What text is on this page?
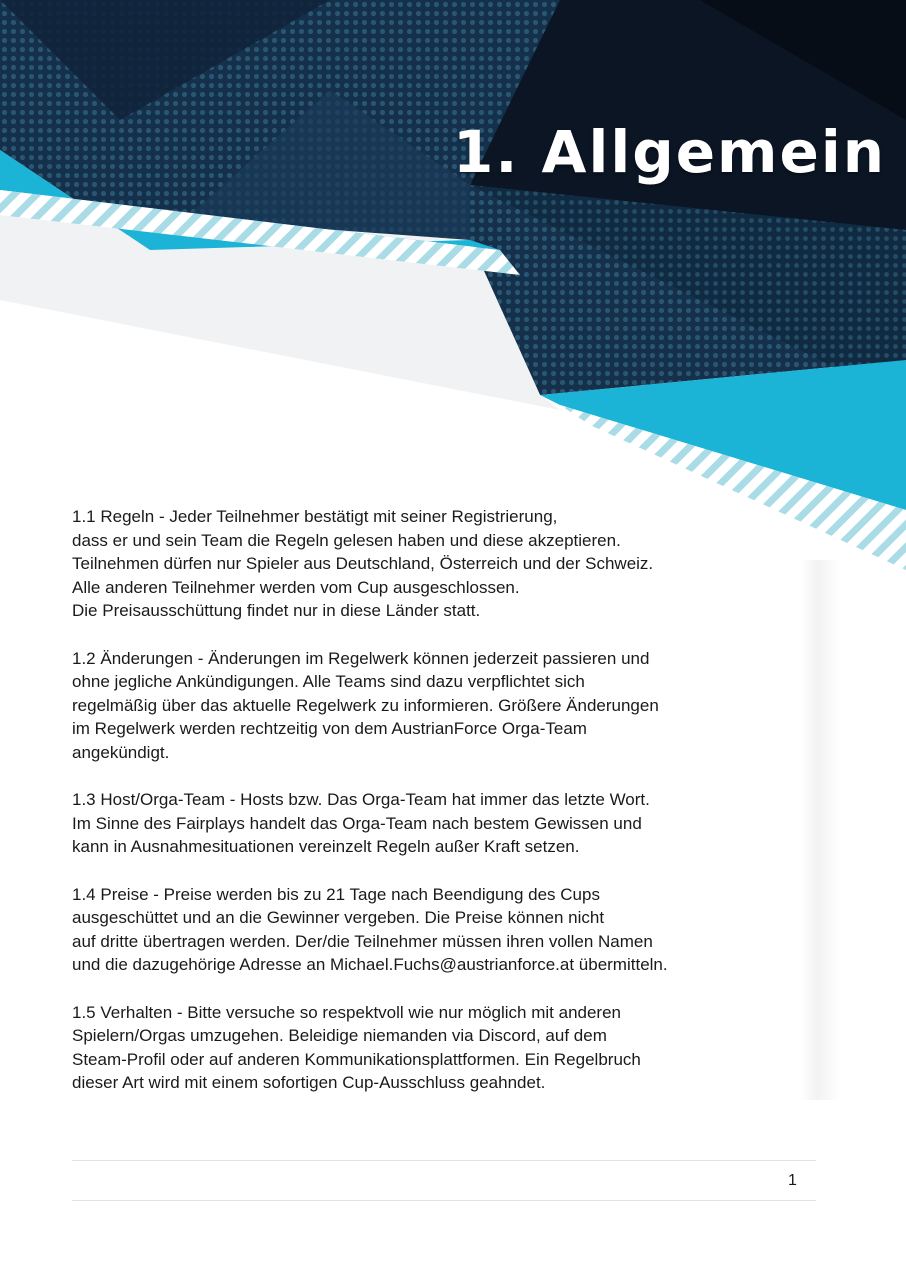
1. Allgemein

1.1 Regeln - Jeder Teilnehmer bestätigt mit seiner Registrierung,
dass er und sein Team die Regeln gelesen haben und diese akzeptieren.
Teilnehmen dürfen nur Spieler aus Deutschland, Österreich und der Schweiz.
Alle anderen Teilnehmer werden vom Cup ausgeschlossen.
Die Preisausschüttung findet nur in diese Länder statt.

1.2 Änderungen - Änderungen im Regelwerk können jederzeit passieren und
ohne jegliche Ankündigungen. Alle Teams sind dazu verpflichtet sich
regelmäßig über das aktuelle Regelwerk zu informieren. Größere Änderungen
im Regelwerk werden rechtzeitig von dem AustrianForce Orga-Team
angekündigt.

1.3 Host/Orga-Team - Hosts bzw. Das Orga-Team hat immer das letzte Wort.
Im Sinne des Fairplays handelt das Orga-Team nach bestem Gewissen und
kann in Ausnahmesituationen vereinzelt Regeln außer Kraft setzen.

1.4 Preise - Preise werden bis zu 21 Tage nach Beendigung des Cups
ausgeschüttet und an die Gewinner vergeben. Die Preise können nicht
auf dritte übertragen werden. Der/die Teilnehmer müssen ihren vollen Namen
und die dazugehörige Adresse an Michael.Fuchs@austrianforce.at übermitteln.

1.5 Verhalten - Bitte versuche so respektvoll wie nur möglich mit anderen
Spielern/Orgas umzugehen. Beleidige niemanden via Discord, auf dem
Steam-Profil oder auf anderen Kommunikationsplattformen. Ein Regelbruch
dieser Art wird mit einem sofortigen Cup-Ausschluss geahndet.

1
